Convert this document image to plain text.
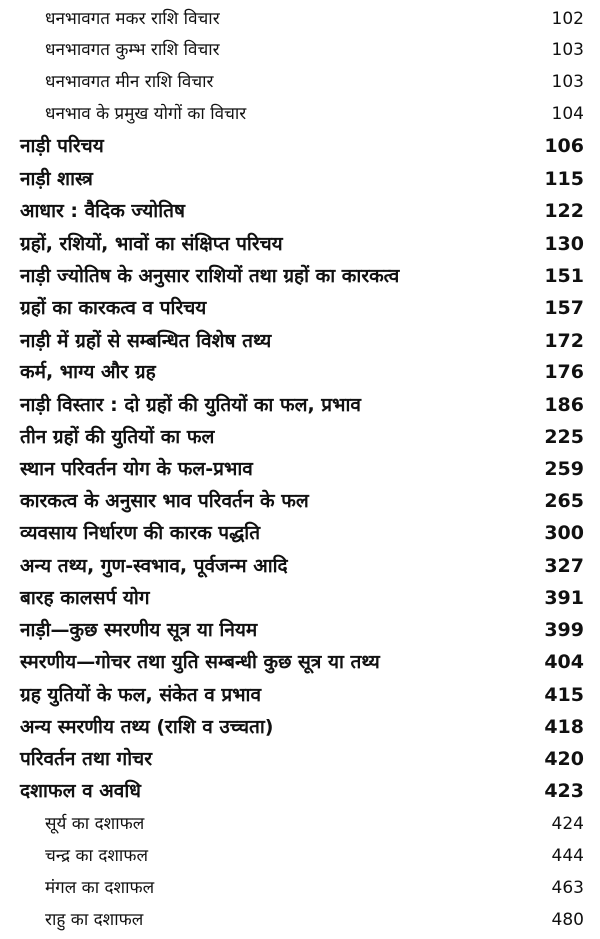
धनभावगत मकर राशि विचार	102
धनभावगत कुम्भ राशि विचार	103
धनभावगत मीन राशि विचार	103
धनभाव के प्रमुख योगों का विचार	104
नाड़ी परिचय	106
नाड़ी शास्त्र	115
आधार : वैदिक ज्योतिष	122
ग्रहों, रशियों, भावों का संक्षिप्त परिचय	130
नाड़ी ज्योतिष के अनुसार राशियों तथा ग्रहों का कारकत्व	151
ग्रहों का कारकत्व व परिचय	157
नाड़ी में ग्रहों से सम्बन्धित विशेष तथ्य	172
कर्म, भाग्य और ग्रह	176
नाड़ी विस्तार : दो ग्रहों की युतियों का फल, प्रभाव	186
तीन ग्रहों की युतियों का फल	225
स्थान परिवर्तन योग के फल-प्रभाव	259
कारकत्व के अनुसार भाव परिवर्तन के फल	265
व्यवसाय निर्धारण की कारक पद्धति	300
अन्य तथ्य, गुण-स्वभाव, पूर्वजन्म आदि	327
बारह कालसर्प योग	391
नाड़ी—कुछ स्मरणीय सूत्र या नियम	399
स्मरणीय—गोचर तथा युति सम्बन्धी कुछ सूत्र या तथ्य	404
ग्रह युतियों के फल, संकेत व प्रभाव	415
अन्य स्मरणीय तथ्य (राशि व उच्चता)	418
परिवर्तन तथा गोचर	420
दशाफल व अवधि	423
सूर्य का दशाफल	424
चन्द्र का दशाफल	444
मंगल का दशाफल	463
राहु का दशाफल	480
